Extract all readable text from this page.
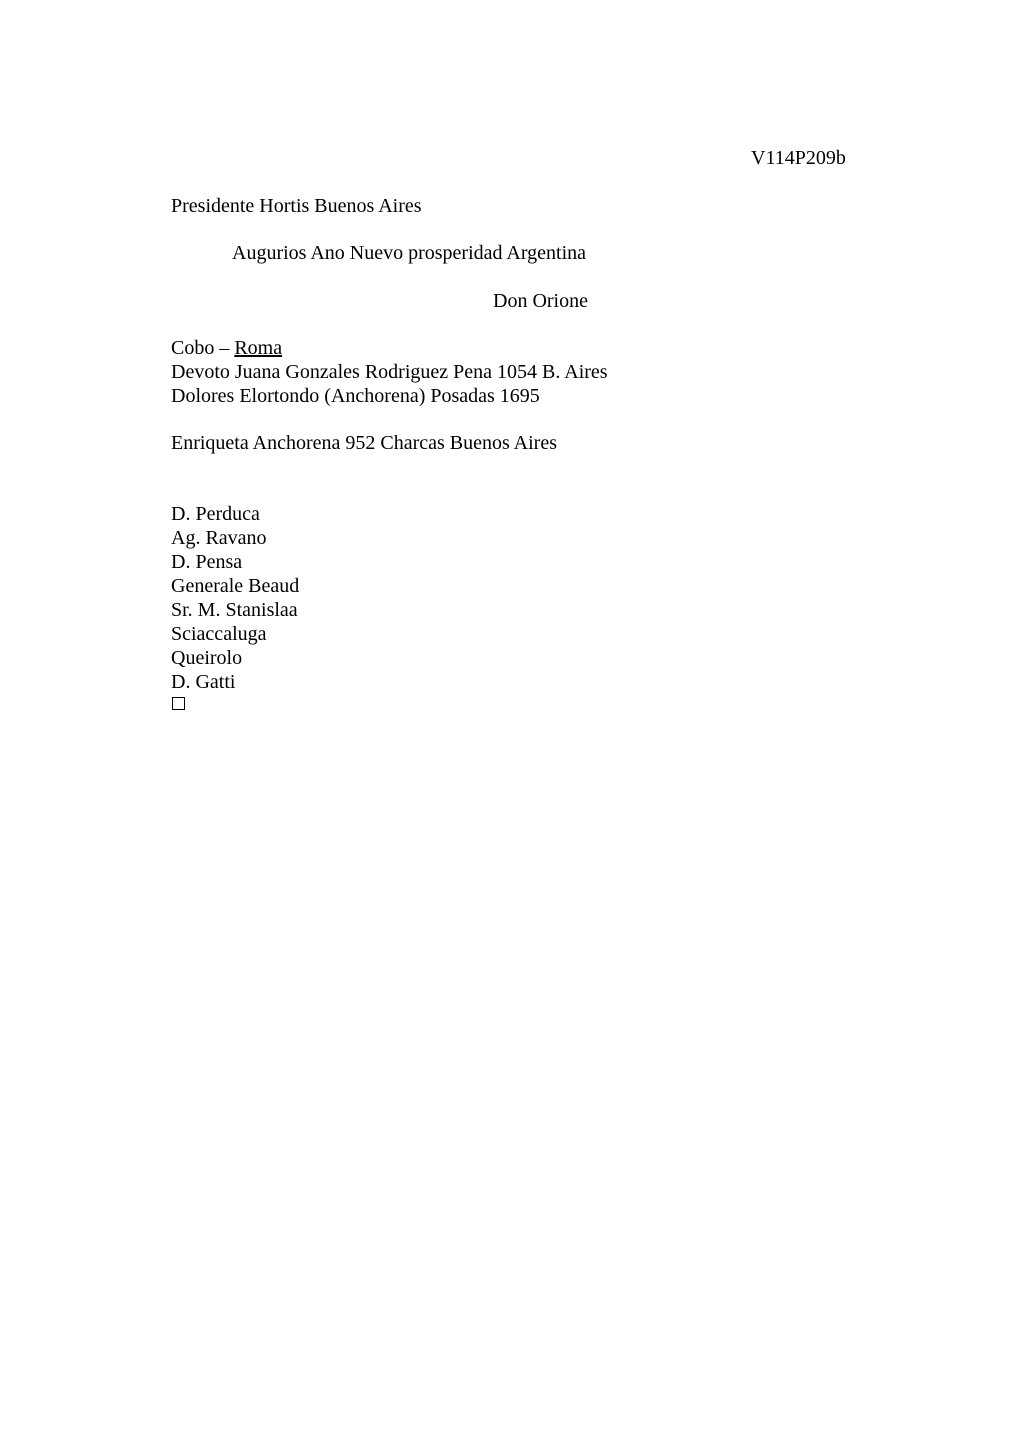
V114P209b
Presidente Hortis Buenos Aires
Augurios Ano Nuevo prosperidad Argentina
Don Orione
Cobo – Roma
Devoto Juana Gonzales Rodriguez Pena 1054 B. Aires
Dolores Elortondo (Anchorena) Posadas 1695
Enriqueta Anchorena 952 Charcas Buenos Aires
D. Perduca
Ag. Ravano
D. Pensa
Generale Beaud
Sr. M. Stanislaa
Sciaccaluga
Queirolo
D. Gatti
